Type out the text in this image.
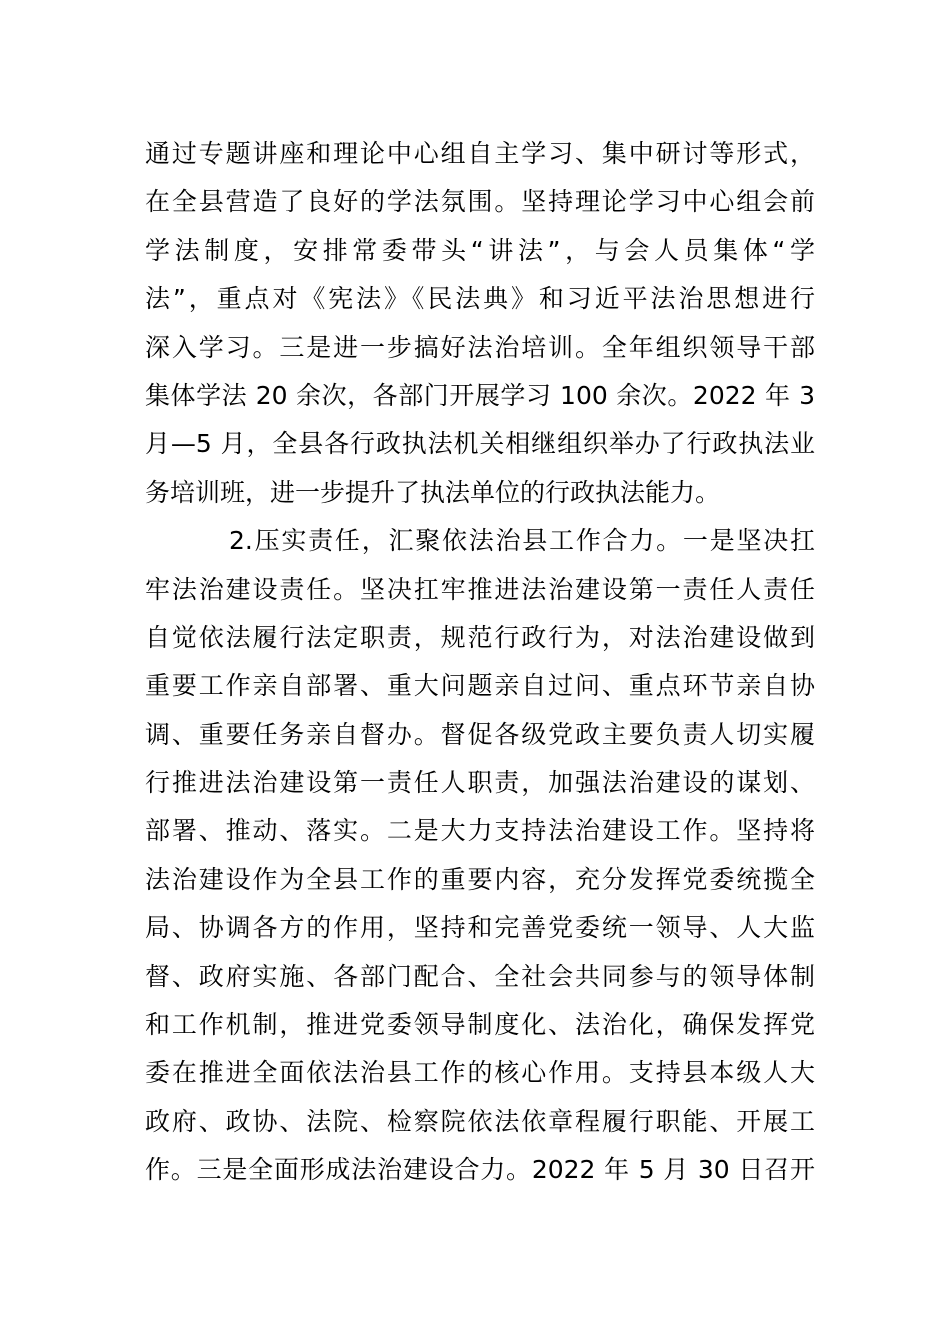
通过专题讲座和理论中心组自主学习、集中研讨等形式，
在全县营造了良好的学法氛围。坚持理论学习中心组会前
学法制度，安排常委带头“讲法”，与会人员集体“学
法”，重点对《宪法》《民法典》和习近平法治思想进行
深入学习。三是进一步搞好法治培训。全年组织领导干部
集体学法 20 余次，各部门开展学习 100 余次。2022 年 3
月—5 月，全县各行政执法机关相继组织举办了行政执法业
务培训班，进一步提升了执法单位的行政执法能力。
2.压实责任，汇聚依法治县工作合力。一是坚决扛
牢法治建设责任。坚决扛牢推进法治建设第一责任人责任
自觉依法履行法定职责，规范行政行为，对法治建设做到
重要工作亲自部署、重大问题亲自过问、重点环节亲自协
调、重要任务亲自督办。督促各级党政主要负责人切实履
行推进法治建设第一责任人职责，加强法治建设的谋划、
部署、推动、落实。二是大力支持法治建设工作。坚持将
法治建设作为全县工作的重要内容，充分发挥党委统揽全
局、协调各方的作用，坚持和完善党委统一领导、人大监
督、政府实施、各部门配合、全社会共同参与的领导体制
和工作机制，推进党委领导制度化、法治化，确保发挥党
委在推进全面依法治县工作的核心作用。支持县本级人大
政府、政协、法院、检察院依法依章程履行职能、开展工
作。三是全面形成法治建设合力。2022 年 5 月 30 日召开
